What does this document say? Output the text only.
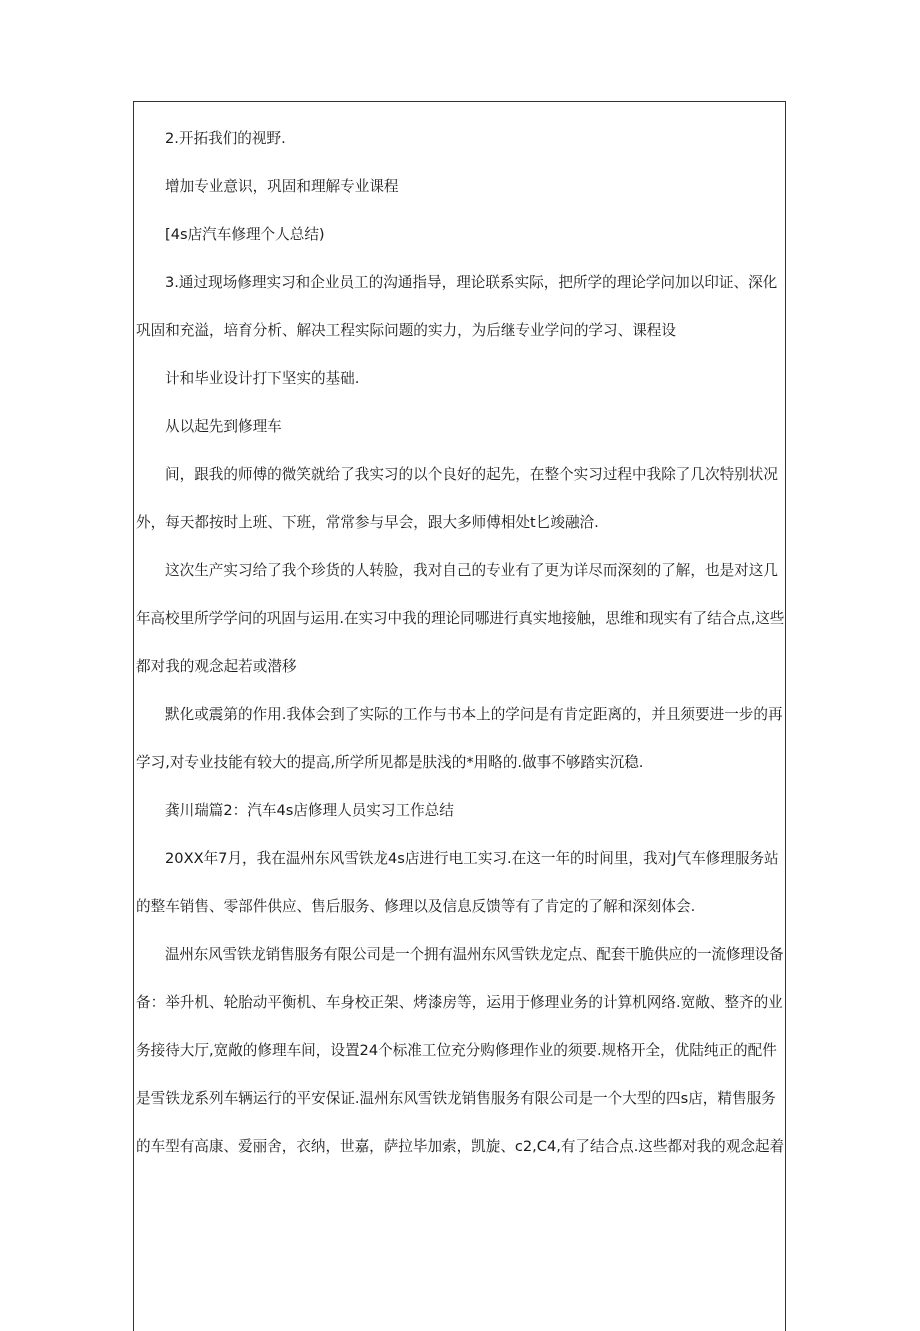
2.开拓我们的视野.
增加专业意识，巩固和理解专业课程
[4s店汽车修理个人总结)
3.通过现场修理实习和企业员工的沟通指导，理论联系实际，把所学的理论学问加以印证、深化
巩固和充溢，培育分析、解决工程实际问题的实力，为后继专业学问的学习、课程设
计和毕业设计打下坚实的基础.
从以起先到修理车
间，跟我的师傅的微笑就给了我实习的以个良好的起先，在整个实习过程中我除了几次特别状况
外，每天都按时上班、下班，常常参与早会，跟大多师傅相处t匕竣融洽.
这次生产实习给了我个珍货的人转脸，我对自己的专业有了更为详尽而深刻的了解，也是对这几
年高校里所学学问的巩固与运用.在实习中我的理论同哪进行真实地接触，思维和现实有了结合点,这些
都对我的观念起若或潜移
默化或震第的作用.我体会到了实际的工作与书本上的学问是有肯定距离的，并且须要进一步的再
学习,对专业技能有较大的提高,所学所见都是肤浅的*用略的.做事不够踏实沉稳.
龚川瑞篇2：汽车4s店修理人员实习工作总结
20XX年7月，我在温州东风雪铁龙4s店进行电工实习.在这一年的时间里，我对J气车修理服务站
的整车销售、零部件供应、售后服务、修理以及信息反馈等有了肯定的了解和深刻体会.
温州东风雪铁龙销售服务有限公司是一个拥有温州东风雪铁龙定点、配套干脆供应的一流修理设备
备：举升机、轮胎动平衡机、车身校正架、烤漆房等，运用于修理业务的计算机网络.宽敞、整齐的业
务接待大厅,宽敞的修理车间，设置24个标准工位充分购修理作业的须要.规格开全，优陆纯正的配件
是雪铁龙系列车辆运行的平安保证.温州东风雪铁龙销售服务有限公司是一个大型的四s店，精售服务
的车型有高康、爱丽舍，衣纳，世嘉，萨拉毕加索，凯旋、c2,C4,有了结合点.这些都对我的观念起着
